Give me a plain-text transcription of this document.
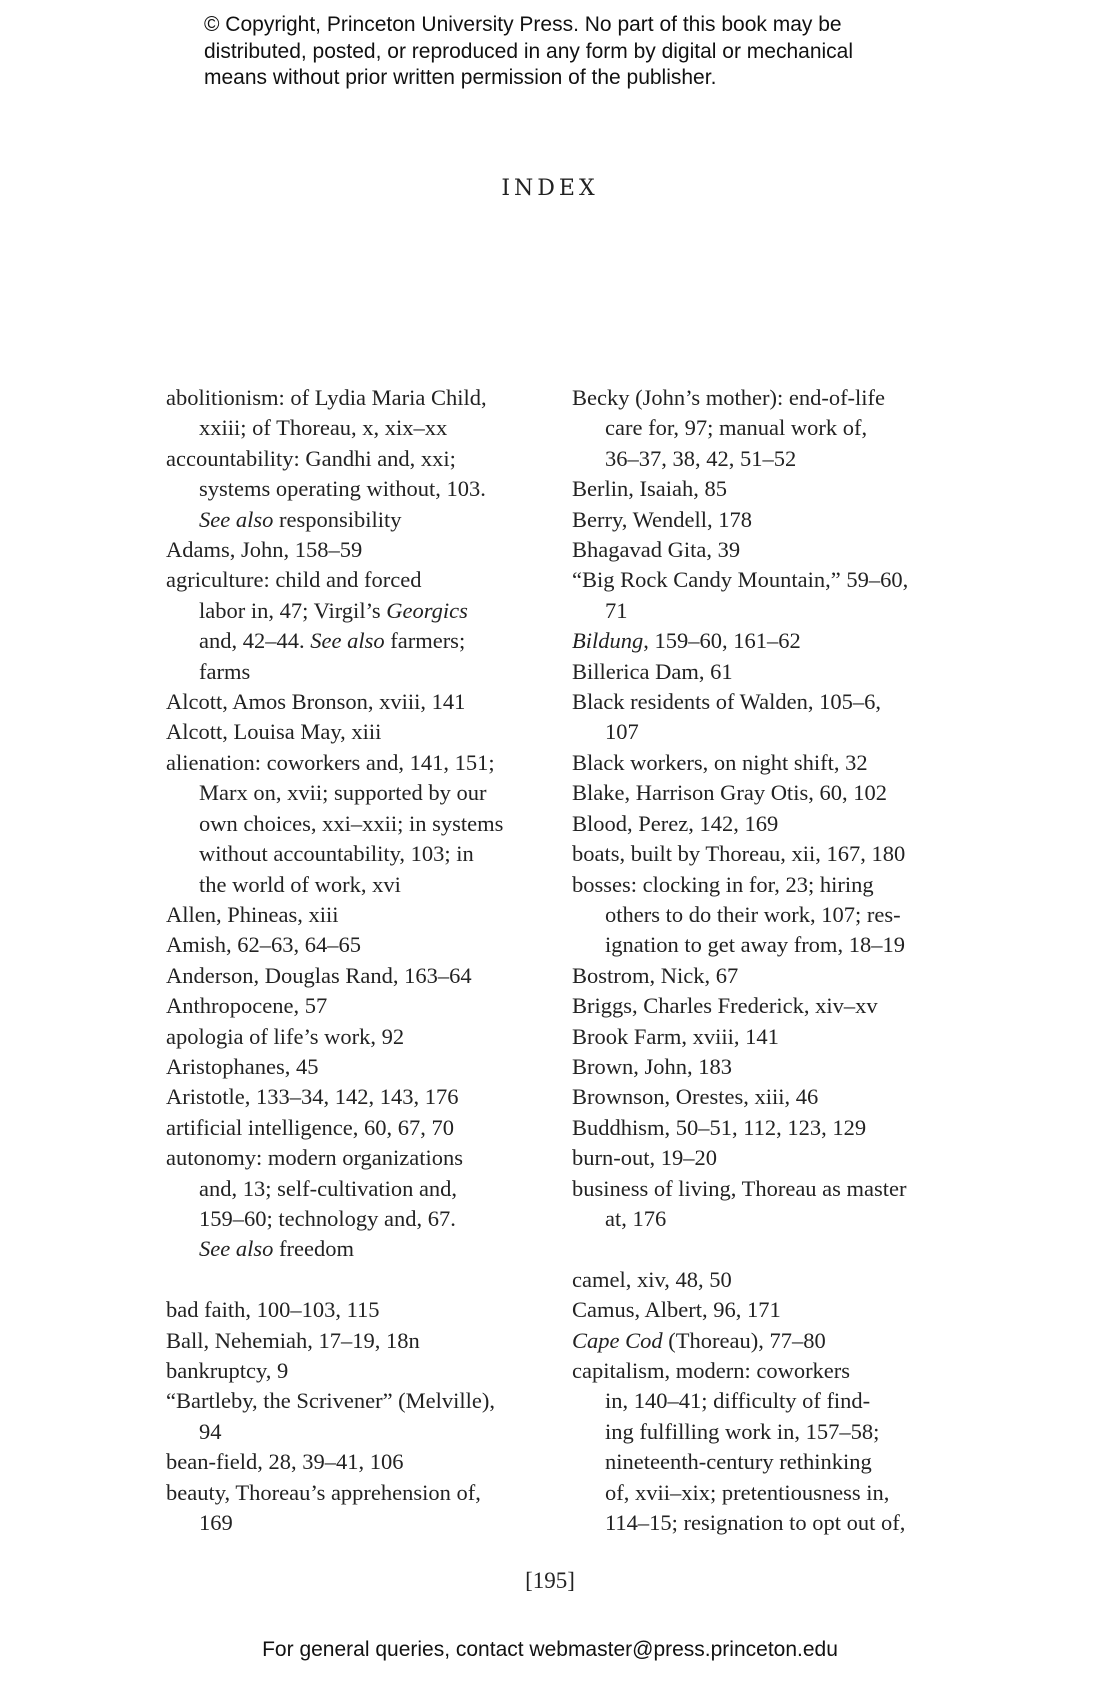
© Copyright, Princeton University Press. No part of this book may be
distributed, posted, or reproduced in any form by digital or mechanical
means without prior written permission of the publisher.
INDEX
abolitionism: of Lydia Maria Child,
xxiii; of Thoreau, x, xix–xx
accountability: Gandhi and, xxi;
systems operating without, 103.
See also responsibility
Adams, John, 158–59
agriculture: child and forced
labor in, 47; Virgil’s Georgics
and, 42–44. See also farmers;
farms
Alcott, Amos Bronson, xviii, 141
Alcott, Louisa May, xiii
alienation: coworkers and, 141, 151;
Marx on, xvii; supported by our
own choices, xxi–xxii; in systems
without accountability, 103; in
the world of work, xvi
Allen, Phineas, xiii
Amish, 62–63, 64–65
Anderson, Douglas Rand, 163–64
Anthropocene, 57
apologia of life’s work, 92
Aristophanes, 45
Aristotle, 133–34, 142, 143, 176
artificial intelligence, 60, 67, 70
autonomy: modern organizations
and, 13; self-cultivation and,
159–60; technology and, 67.
See also freedom
bad faith, 100–103, 115
Ball, Nehemiah, 17–19, 18n
bankruptcy, 9
“Bartleby, the Scrivener” (Melville),
94
bean-field, 28, 39–41, 106
beauty, Thoreau’s apprehension of,
169
Becky (John’s mother): end-of-life
care for, 97; manual work of,
36–37, 38, 42, 51–52
Berlin, Isaiah, 85
Berry, Wendell, 178
Bhagavad Gita, 39
“Big Rock Candy Mountain,” 59–60,
71
Bildung, 159–60, 161–62
Billerica Dam, 61
Black residents of Walden, 105–6,
107
Black workers, on night shift, 32
Blake, Harrison Gray Otis, 60, 102
Blood, Perez, 142, 169
boats, built by Thoreau, xii, 167, 180
bosses: clocking in for, 23; hiring
others to do their work, 107; res-
ignation to get away from, 18–19
Bostrom, Nick, 67
Briggs, Charles Frederick, xiv–xv
Brook Farm, xviii, 141
Brown, John, 183
Brownson, Orestes, xiii, 46
Buddhism, 50–51, 112, 123, 129
burn-out, 19–20
business of living, Thoreau as master
at, 176
camel, xiv, 48, 50
Camus, Albert, 96, 171
Cape Cod (Thoreau), 77–80
capitalism, modern: coworkers
in, 140–41; difficulty of find-
ing fulfilling work in, 157–58;
nineteenth-century rethinking
of, xvii–xix; pretentiousness in,
114–15; resignation to opt out of,
[195]
For general queries, contact webmaster@press.princeton.edu
